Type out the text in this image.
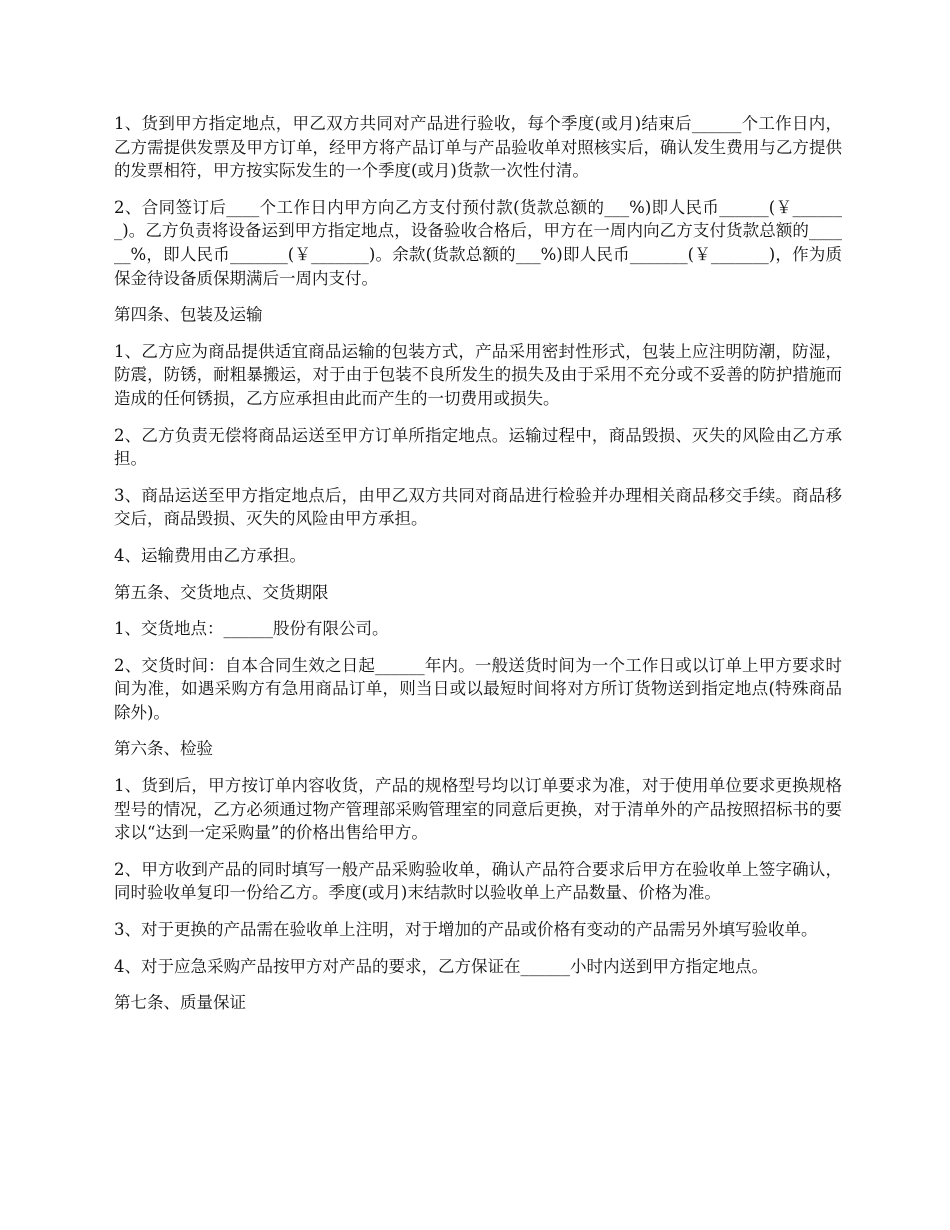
1、货到甲方指定地点，甲乙双方共同对产品进行验收，每个季度(或月)结束后______个工作日内，乙方需提供发票及甲方订单，经甲方将产品订单与产品验收单对照核实后，确认发生费用与乙方提供的发票相符，甲方按实际发生的一个季度(或月)货款一次性付清。

2、合同签订后____个工作日内甲方向乙方支付预付款(货款总额的___%)即人民币______(￥_______)。乙方负责将设备运到甲方指定地点，设备验收合格后，甲方在一周内向乙方支付货款总额的______%，即人民币_______(￥_______)。余款(货款总额的___%)即人民币_______(￥_______)，作为质保金待设备质保期满后一周内支付。

第四条、包装及运输

1、乙方应为商品提供适宜商品运输的包装方式，产品采用密封性形式，包装上应注明防潮，防湿，防震，防锈，耐粗暴搬运，对于由于包装不良所发生的损失及由于采用不充分或不妥善的防护措施而造成的任何锈损，乙方应承担由此而产生的一切费用或损失。

2、乙方负责无偿将商品运送至甲方订单所指定地点。运输过程中，商品毁损、灭失的风险由乙方承担。

3、商品运送至甲方指定地点后，由甲乙双方共同对商品进行检验并办理相关商品移交手续。商品移交后，商品毁损、灭失的风险由甲方承担。

4、运输费用由乙方承担。

第五条、交货地点、交货期限

1、交货地点：______股份有限公司。

2、交货时间：自本合同生效之日起______年内。一般送货时间为一个工作日或以订单上甲方要求时间为准，如遇采购方有急用商品订单，则当日或以最短时间将对方所订货物送到指定地点(特殊商品除外)。

第六条、检验

1、货到后，甲方按订单内容收货，产品的规格型号均以订单要求为准，对于使用单位要求更换规格型号的情况，乙方必须通过物产管理部采购管理室的同意后更换，对于清单外的产品按照招标书的要求以“达到一定采购量”的价格出售给甲方。

2、甲方收到产品的同时填写一般产品采购验收单，确认产品符合要求后甲方在验收单上签字确认，同时验收单复印一份给乙方。季度(或月)末结款时以验收单上产品数量、价格为准。

3、对于更换的产品需在验收单上注明，对于增加的产品或价格有变动的产品需另外填写验收单。

4、对于应急采购产品按甲方对产品的要求，乙方保证在______小时内送到甲方指定地点。

第七条、质量保证
